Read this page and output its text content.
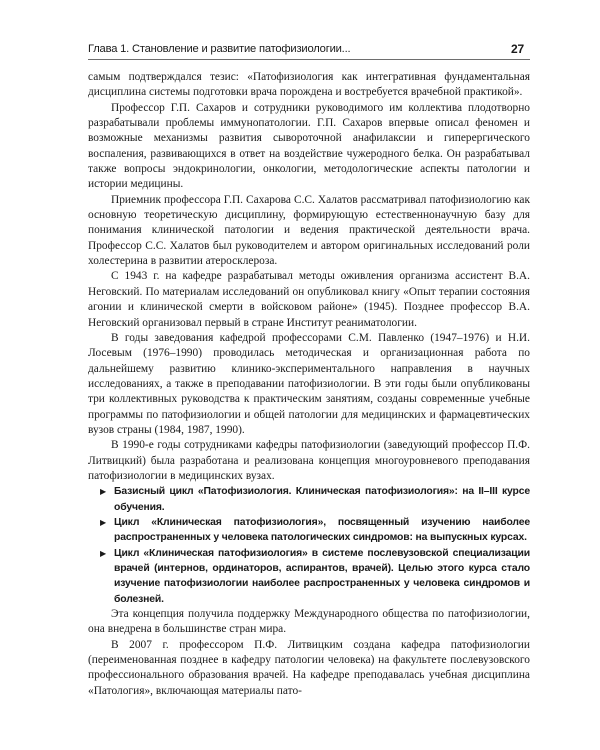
Глава 1. Становление и развитие патофизиологии...	27

самым подтверждался тезис: «Патофизиология как интегративная фундаментальная дисциплина системы подготовки врача порождена и востребуется врачебной практикой».

Профессор Г.П. Сахаров и сотрудники руководимого им коллектива плодотворно разрабатывали проблемы иммунопатологии. Г.П. Сахаров впервые описал феномен и возможные механизмы развития сывороточной анафилаксии и гиперергического воспаления, развивающихся в ответ на воздействие чужеродного белка. Он разрабатывал также вопросы эндокринологии, онкологии, методологические аспекты патологии и истории медицины.

Приемник профессора Г.П. Сахарова С.С. Халатов рассматривал патофизиологию как основную теоретическую дисциплину, формирующую естественнонаучную базу для понимания клинической патологии и ведения практической деятельности врача. Профессор С.С. Халатов был руководителем и автором оригинальных исследований роли холестерина в развитии атеросклероза.

С 1943 г. на кафедре разрабатывал методы оживления организма ассистент В.А. Неговский. По материалам исследований он опубликовал книгу «Опыт терапии состояния агонии и клинической смерти в войсковом районе» (1945). Позднее профессор В.А. Неговский организовал первый в стране Институт реаниматологии.

В годы заведования кафедрой профессорами С.М. Павленко (1947–1976) и Н.И. Лосевым (1976–1990) проводилась методическая и организационная работа по дальнейшему развитию клинико-экспериментального направления в научных исследованиях, а также в преподавании патофизиологии. В эти годы были опубликованы три коллективных руководства к практическим занятиям, созданы современные учебные программы по патофизиологии и общей патологии для медицинских и фармацевтических вузов страны (1984, 1987, 1990).

В 1990-е годы сотрудниками кафедры патофизиологии (заведующий профессор П.Ф. Литвицкий) была разработана и реализована концепция многоуровневого преподавания патофизиологии в медицинских вузах.

▶ Базисный цикл «Патофизиология. Клиническая патофизиология»: на II–III курсе обучения.
▶ Цикл «Клиническая патофизиология», посвященный изучению наиболее распространенных у человека патологических синдромов: на выпускных курсах.
▶ Цикл «Клиническая патофизиология» в системе послевузовской специализации врачей (интернов, ординаторов, аспирантов, врачей). Целью этого курса стало изучение патофизиологии наиболее распространенных у человека синдромов и болезней.

Эта концепция получила поддержку Международного общества по патофизиологии, она внедрена в большинстве стран мира.

В 2007 г. профессором П.Ф. Литвицким создана кафедра патофизиологии (переименованная позднее в кафедру патологии человека) на факультете послевузовского профессионального образования врачей. На кафедре преподавалась учебная дисциплина «Патология», включающая материалы пато-
